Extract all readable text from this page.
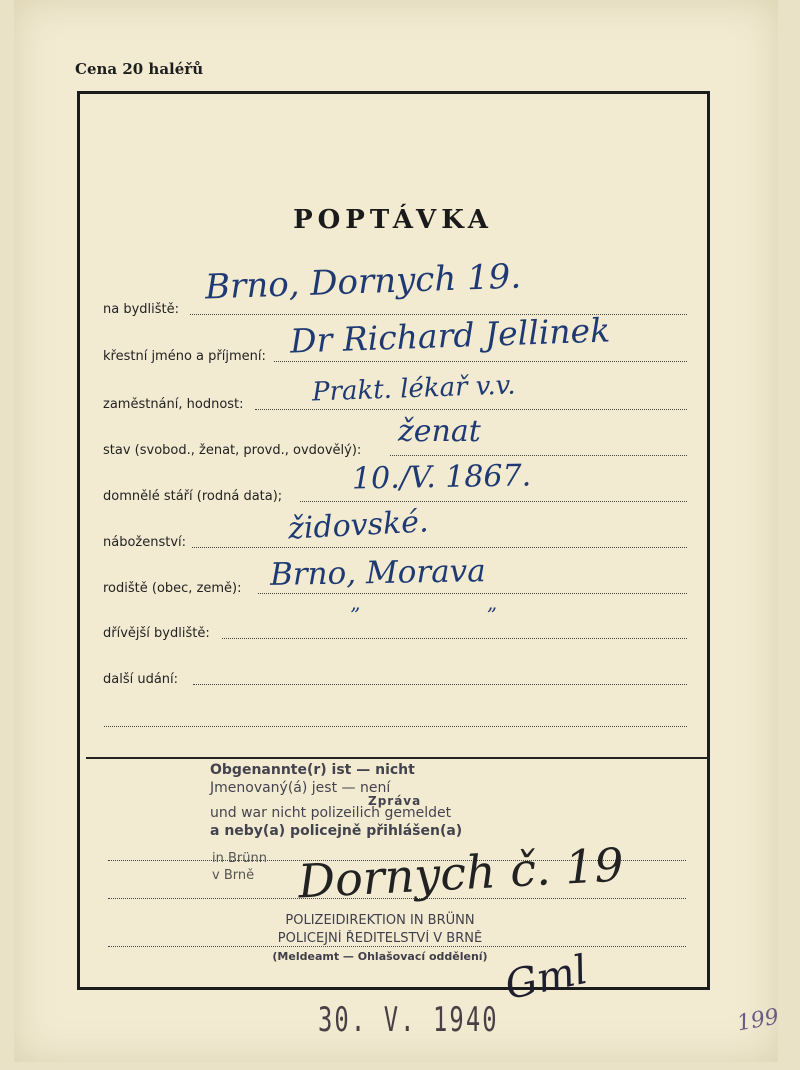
Cena 20 haléřů
POPTÁVKA
na bydliště:
Brno, Dornych 19.
křestní jméno a příjmení: Dr Richard Jellinek
zaměstnání, hodnost:	Prakt. lékař v.v.
stav (svobod., ženat, provd., ovdovělý):
ženat
domnělé stáří (rodná data); 10./V. 1867.
náboženství:	židovské.
rodiště (obec, země): Brno, Morava
dřívější bydliště:
” ”
další udání:
Obgenannte(r) ist — nicht
Jmenovaný(á) jest — není
Zpráva
und war nicht polizeilich gemeldet
a neby(a) policejně přihlášen(a)
in Brünn
v Brně Dornych č. 19
POLIZEIDIREKTION IN BRÜNN
POLICEJNÍ ŘEDITELSTVÍ V BRNĚ
(Meldeamt — Ohlašovací oddělení) Gml
30. V. 1940	199
